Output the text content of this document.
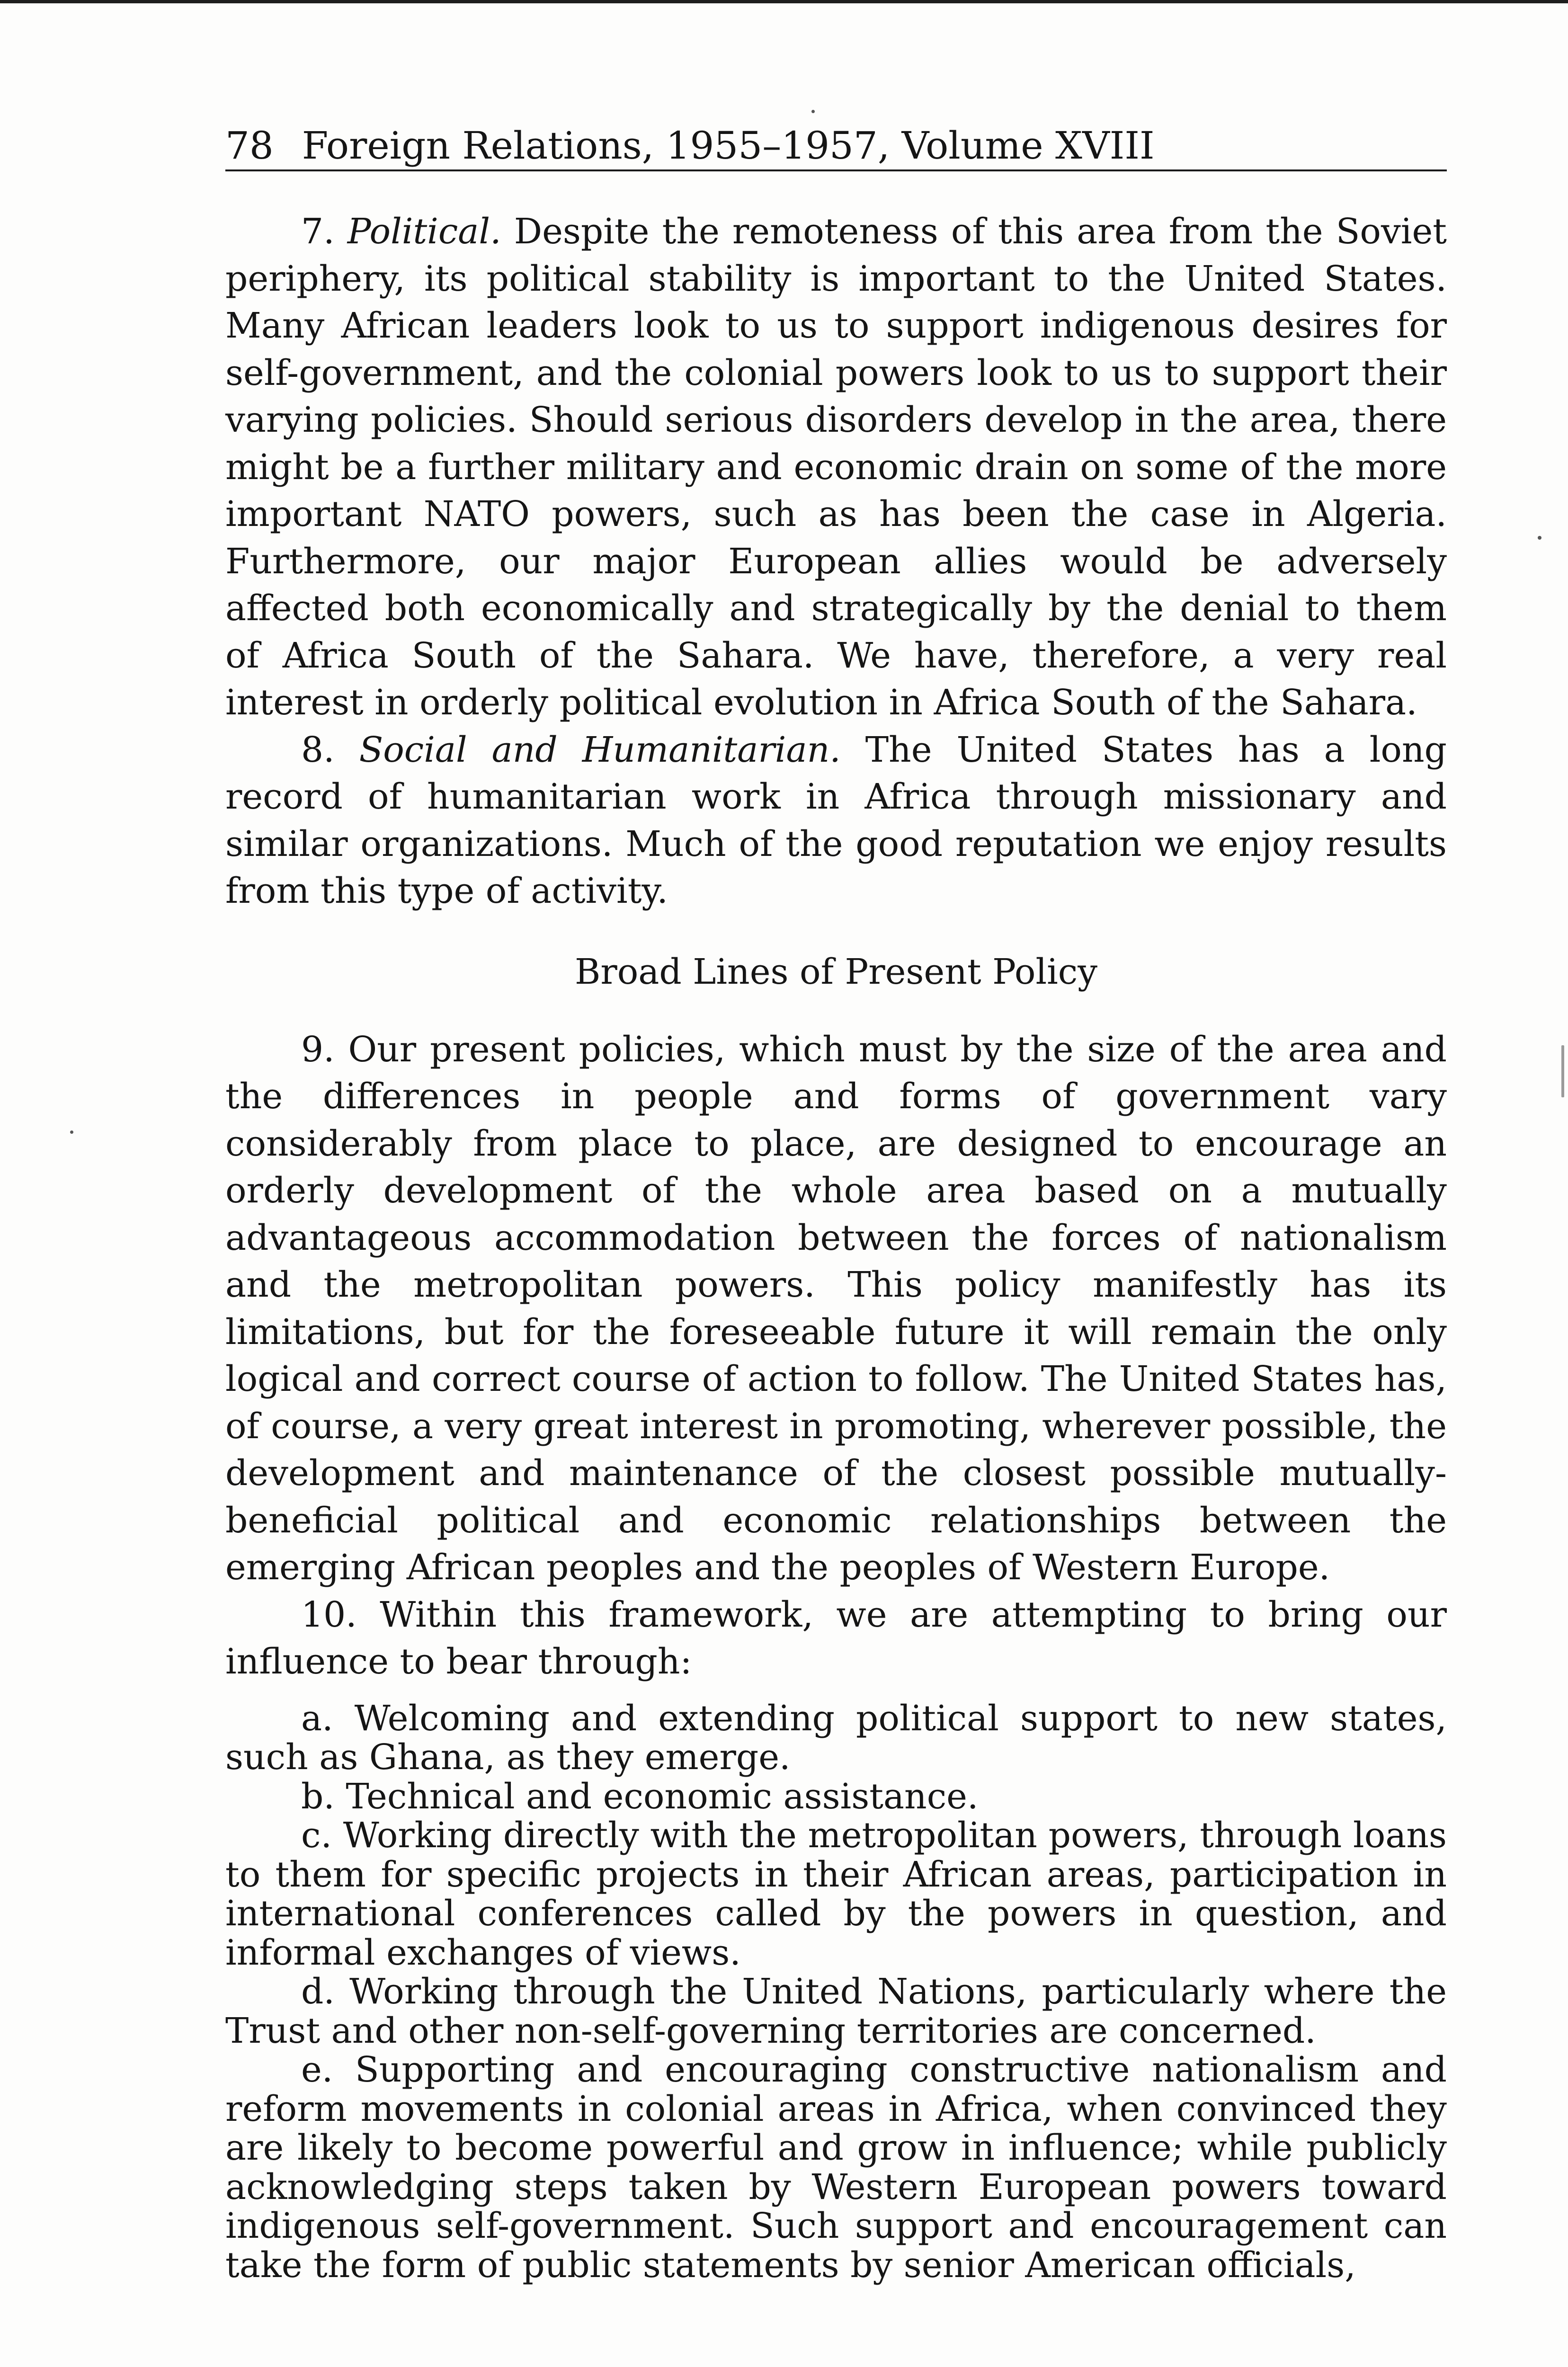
78 Foreign Relations, 1955–1957, Volume XVIII

7. Political. Despite the remoteness of this area from the Soviet periphery, its political stability is important to the United States. Many African leaders look to us to support indigenous desires for self-government, and the colonial powers look to us to support their varying policies. Should serious disorders develop in the area, there might be a further military and economic drain on some of the more important NATO powers, such as has been the case in Algeria. Furthermore, our major European allies would be adversely affected both economically and strategically by the denial to them of Africa South of the Sahara. We have, therefore, a very real interest in orderly political evolution in Africa South of the Sahara.

8. Social and Humanitarian. The United States has a long record of humanitarian work in Africa through missionary and similar organizations. Much of the good reputation we enjoy results from this type of activity.

Broad Lines of Present Policy

9. Our present policies, which must by the size of the area and the differences in people and forms of government vary considerably from place to place, are designed to encourage an orderly development of the whole area based on a mutually advantageous accommodation between the forces of nationalism and the metropolitan powers. This policy manifestly has its limitations, but for the foreseeable future it will remain the only logical and correct course of action to follow. The United States has, of course, a very great interest in promoting, wherever possible, the development and maintenance of the closest possible mutually-beneficial political and economic relationships between the emerging African peoples and the peoples of Western Europe.

10. Within this framework, we are attempting to bring our influence to bear through:

a. Welcoming and extending political support to new states, such as Ghana, as they emerge.

b. Technical and economic assistance.

c. Working directly with the metropolitan powers, through loans to them for specific projects in their African areas, participation in international conferences called by the powers in question, and informal exchanges of views.

d. Working through the United Nations, particularly where the Trust and other non-self-governing territories are concerned.

e. Supporting and encouraging constructive nationalism and reform movements in colonial areas in Africa, when convinced they are likely to become powerful and grow in influence; while publicly acknowledging steps taken by Western European powers toward indigenous self-government. Such support and encouragement can take the form of public statements by senior American officials,
